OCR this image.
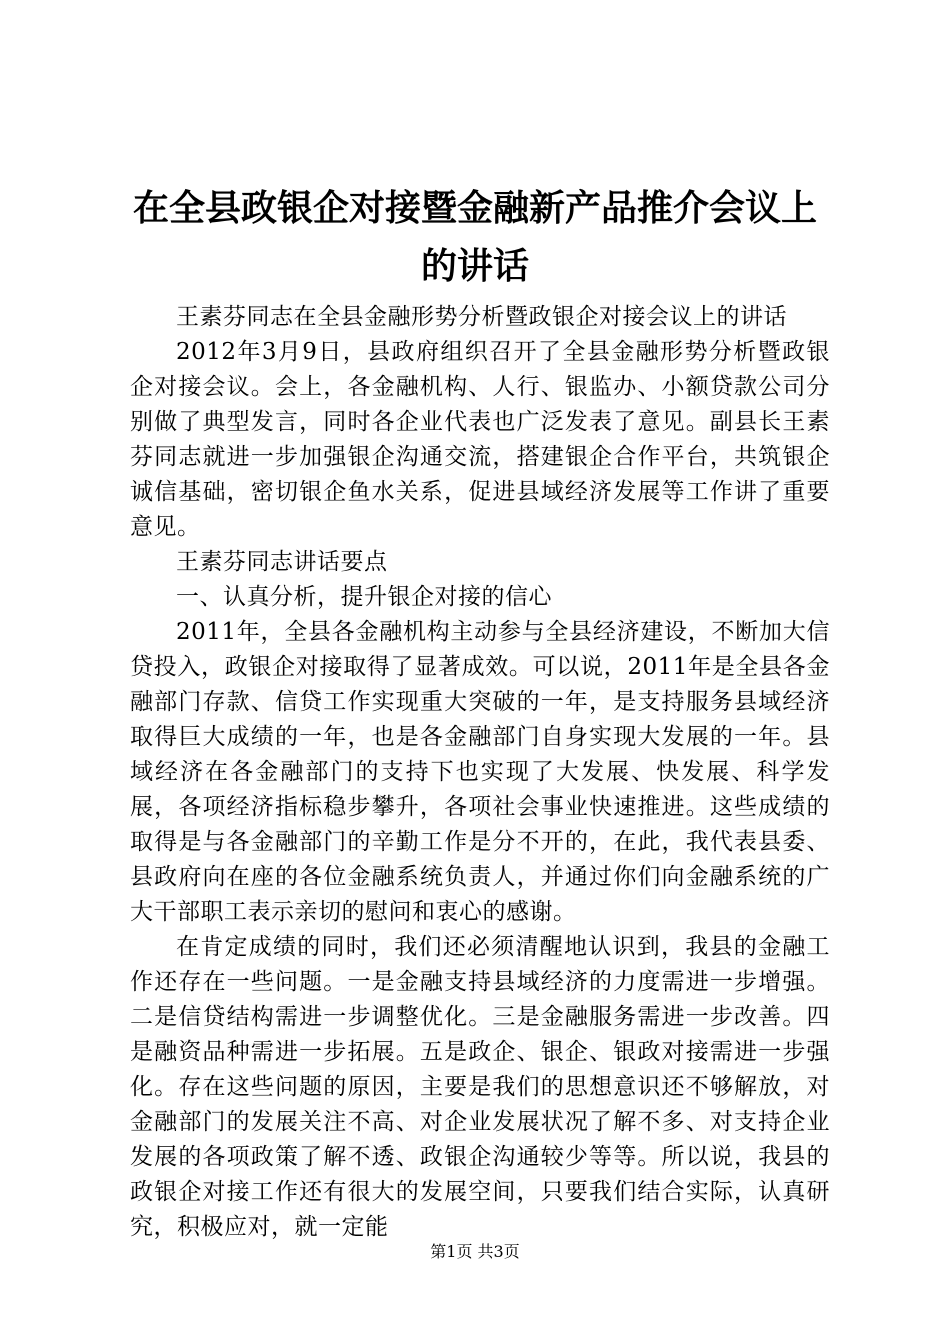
在全县政银企对接暨金融新产品推介会议上的讲话

王素芬同志在全县金融形势分析暨政银企对接会议上的讲话

2012年3月9日，县政府组织召开了全县金融形势分析暨政银企对接会议。会上，各金融机构、人行、银监办、小额贷款公司分别做了典型发言，同时各企业代表也广泛发表了意见。副县长王素芬同志就进一步加强银企沟通交流，搭建银企合作平台，共筑银企诚信基础，密切银企鱼水关系，促进县域经济发展等工作讲了重要意见。

王素芬同志讲话要点

一、认真分析，提升银企对接的信心

2011年，全县各金融机构主动参与全县经济建设，不断加大信贷投入，政银企对接取得了显著成效。可以说，2011年是全县各金融部门存款、信贷工作实现重大突破的一年，是支持服务县域经济取得巨大成绩的一年，也是各金融部门自身实现大发展的一年。县域经济在各金融部门的支持下也实现了大发展、快发展、科学发展，各项经济指标稳步攀升，各项社会事业快速推进。这些成绩的取得是与各金融部门的辛勤工作是分不开的，在此，我代表县委、县政府向在座的各位金融系统负责人，并通过你们向金融系统的广大干部职工表示亲切的慰问和衷心的感谢。

在肯定成绩的同时，我们还必须清醒地认识到，我县的金融工作还存在一些问题。一是金融支持县域经济的力度需进一步增强。二是信贷结构需进一步调整优化。三是金融服务需进一步改善。四是融资品种需进一步拓展。五是政企、银企、银政对接需进一步强化。存在这些问题的原因，主要是我们的思想意识还不够解放，对金融部门的发展关注不高、对企业发展状况了解不多、对支持企业发展的各项政策了解不透、政银企沟通较少等等。所以说，我县的政银企对接工作还有很大的发展空间，只要我们结合实际，认真研究，积极应对，就一定能

第1页 共3页
